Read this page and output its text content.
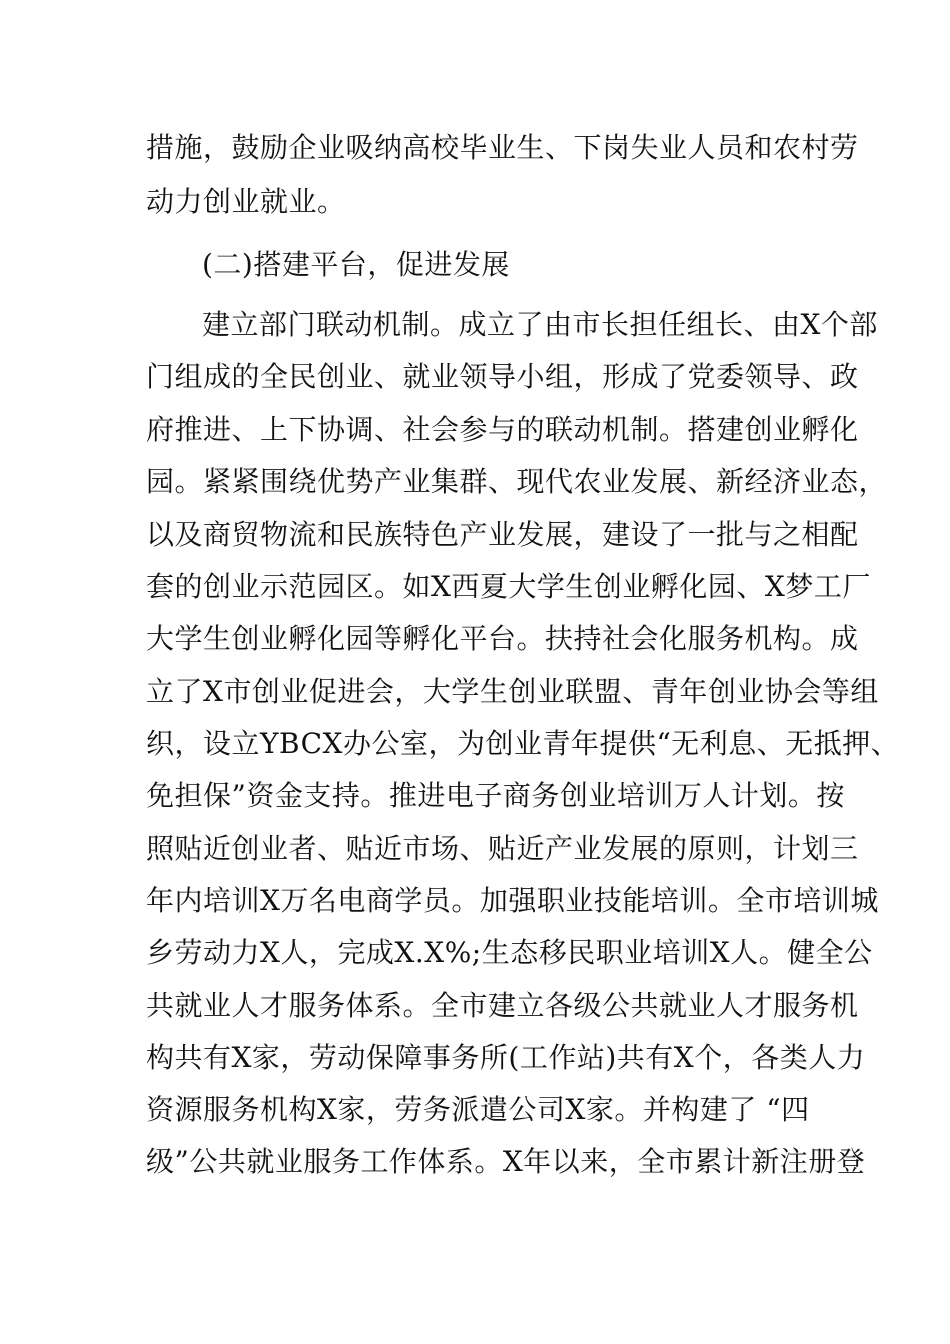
措施，鼓励企业吸纳高校毕业生、下岗失业人员和农村劳
动力创业就业。
(二)搭建平台，促进发展
建立部门联动机制。成立了由市长担任组长、由X个部
门组成的全民创业、就业领导小组，形成了党委领导、政
府推进、上下协调、社会参与的联动机制。搭建创业孵化
园。紧紧围绕优势产业集群、现代农业发展、新经济业态，
以及商贸物流和民族特色产业发展，建设了一批与之相配
套的创业示范园区。如X西夏大学生创业孵化园、X梦工厂
大学生创业孵化园等孵化平台。扶持社会化服务机构。成
立了X市创业促进会，大学生创业联盟、青年创业协会等组
织，设立YBCX办公室，为创业青年提供“无利息、无抵押、
免担保”资金支持。推进电子商务创业培训万人计划。按
照贴近创业者、贴近市场、贴近产业发展的原则，计划三
年内培训X万名电商学员。加强职业技能培训。全市培训城
乡劳动力X人，完成X.X%;生态移民职业培训X人。健全公
共就业人才服务体系。全市建立各级公共就业人才服务机
构共有X家，劳动保障事务所(工作站)共有X个，各类人力
资源服务机构X家，劳务派遣公司X家。并构建了 “四
级”公共就业服务工作体系。X年以来，全市累计新注册登
